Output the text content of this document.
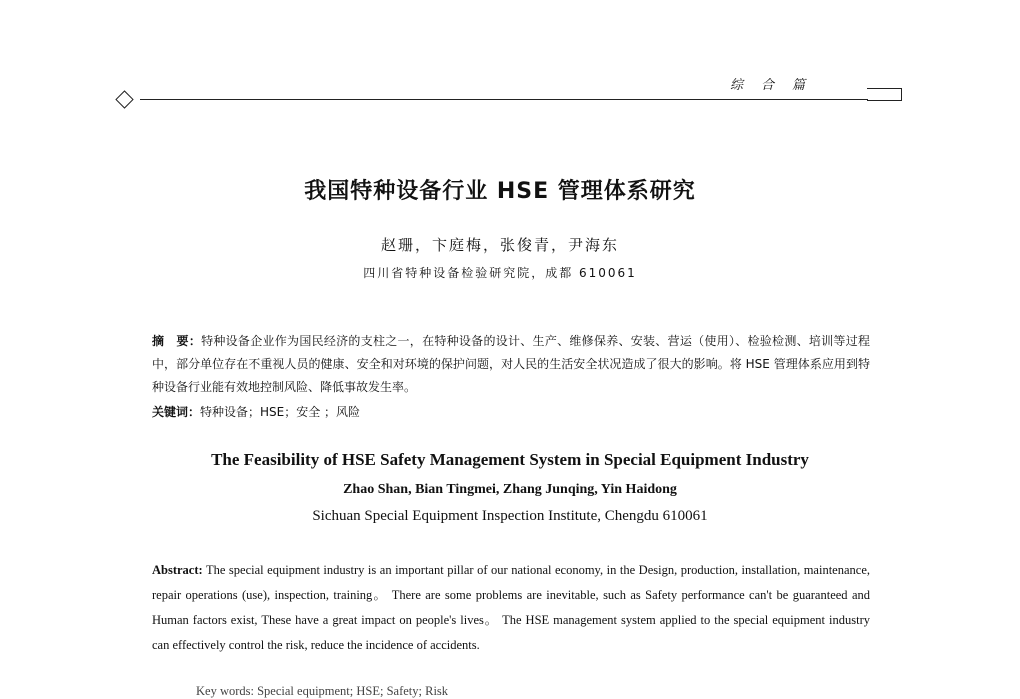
综合篇
我国特种设备行业 HSE 管理体系研究
赵珊，卞庭梅，张俊青，尹海东
四川省特种设备检验研究院，成都 610061
摘　要：特种设备企业作为国民经济的支柱之一，在特种设备的设计、生产、维修保养、安装、营运（使用）、检验检测、培训等过程中，部分单位存在不重视人员的健康、安全和对环境的保护问题，对人民的生活安全状况造成了很大的影响。将 HSE 管理体系应用到特种设备行业能有效地控制风险、降低事故发生率。
关键词：特种设备；HSE；安全 ；风险
The Feasibility of HSE Safety Management System in Special Equipment Industry
Zhao Shan, Bian Tingmei, Zhang Junqing, Yin Haidong
Sichuan Special Equipment Inspection Institute, Chengdu 610061
Abstract: The special equipment industry is an important pillar of our national economy, in the Design, production, installation, maintenance, repair operations (use), inspection, training。 There are some problems are inevitable, such as Safety performance can't be guaranteed and Human factors exist, These have a great impact on people's lives。 The HSE management system applied to the special equipment industry can effectively control the risk, reduce the incidence of accidents.
Key words: Special equipment; HSE; Safety; Risk
